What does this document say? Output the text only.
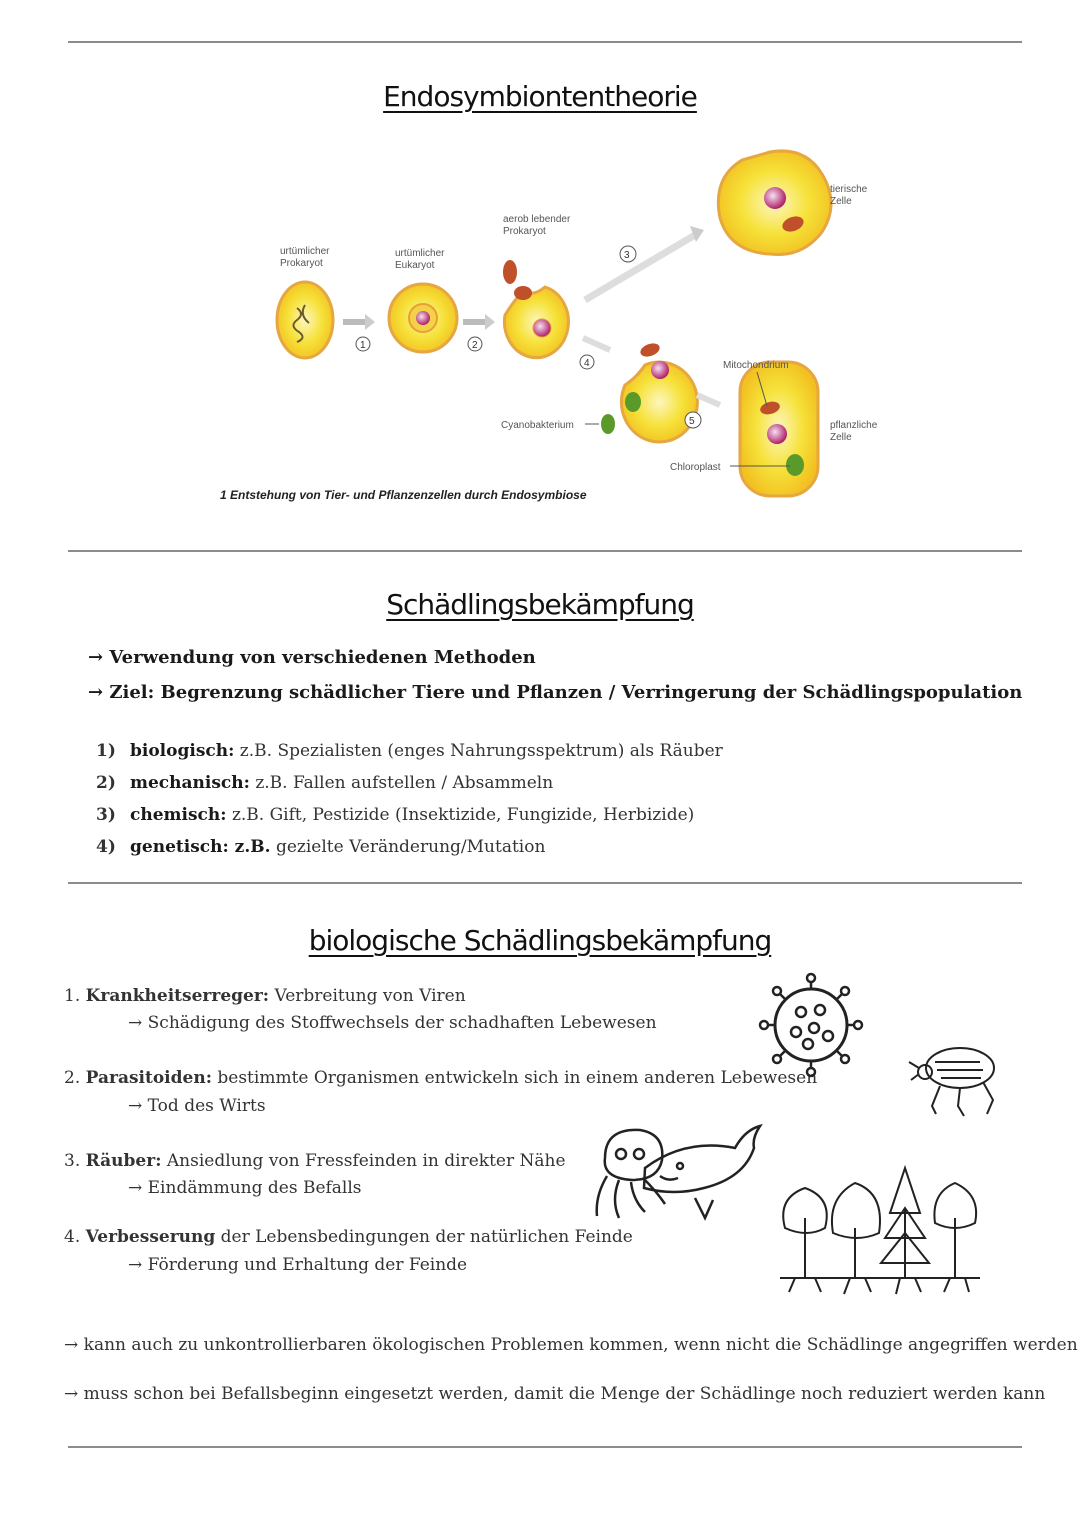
Endosymbiontentheorie
urtümlicher
Prokaryot
1
urtümlicher
Eukaryot
2
aerob lebender
Prokaryot
3
tierische
Zelle
4
Cyanobakterium	5
Mitochondrium
Chloroplast
pflanzliche
Zelle
1 Entstehung von Tier- und Pflanzenzellen durch Endosymbiose
Schädlingsbekämpfung
→ Verwendung von verschiedenen Methoden
→ Ziel: Begrenzung schädlicher Tiere und Pflanzen / Verringerung der Schädlingspopulation
1) biologisch: z.B. Spezialisten (enges Nahrungsspektrum) als Räuber
2) mechanisch: z.B. Fallen aufstellen / Absammeln
3) chemisch: z.B. Gift, Pestizide (Insektizide, Fungizide, Herbizide)
4) genetisch: z.B. gezielte Veränderung/Mutation
biologische Schädlingsbekämpfung
1. Krankheitserreger: Verbreitung von Viren
→ Schädigung des Stoffwechsels der schadhaften Lebewesen
2. Parasitoiden: bestimmte Organismen entwickeln sich in einem anderen Lebewesen
→ Tod des Wirts
3. Räuber: Ansiedlung von Fressfeinden in direkter Nähe
→ Eindämmung des Befalls
4. Verbesserung der Lebensbedingungen der natürlichen Feinde
→ Förderung und Erhaltung der Feinde
→ kann auch zu unkontrollierbaren ökologischen Problemen kommen, wenn nicht die Schädlinge angegriffen werden
→ muss schon bei Befallsbeginn eingesetzt werden, damit die Menge der Schädlinge noch reduziert werden kann
